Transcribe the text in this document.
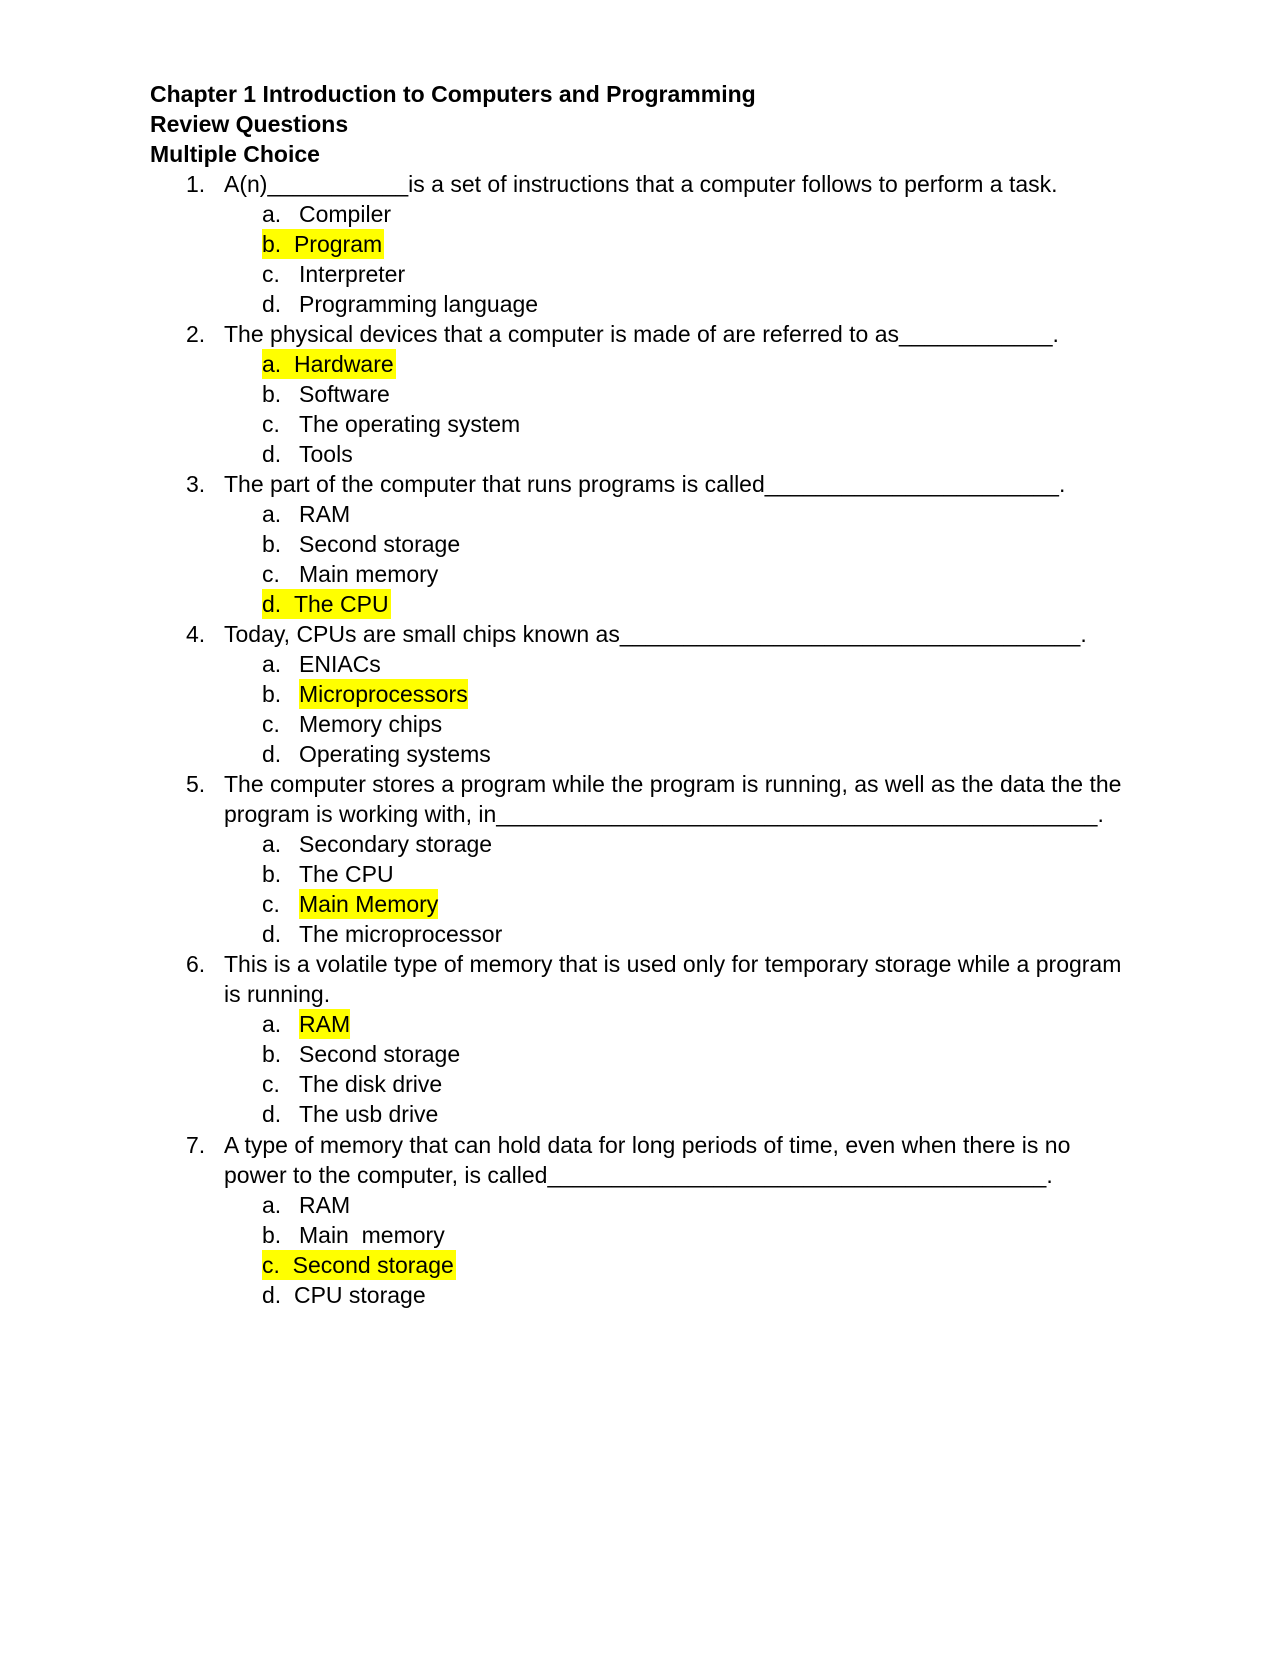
Chapter 1 Introduction to Computers and Programming
Review Questions
Multiple Choice
1. A(n)___________is a set of instructions that a computer follows to perform a task.
a. Compiler
b. Program
c. Interpreter
d. Programming language
2. The physical devices that a computer is made of are referred to as____________.
a. Hardware
b. Software
c. The operating system
d. Tools
3. The part of the computer that runs programs is called_______________________.
a. RAM
b. Second storage
c. Main memory
d. The CPU
4. Today, CPUs are small chips known as____________________________________.
a. ENIACs
b. Microprocessors
c. Memory chips
d. Operating systems
5. The computer stores a program while the program is running, as well as the data the the
program is working with, in_______________________________________________.
a. Secondary storage
b. The CPU
c. Main Memory
d. The microprocessor
6. This is a volatile type of memory that is used only for temporary storage while a program
is running.
a. RAM
b. Second storage
c. The disk drive
d. The usb drive
7. A type of memory that can hold data for long periods of time, even when there is no
power to the computer, is called_______________________________________.
a. RAM
b. Main  memory
c. Second storage
d. CPU storage
